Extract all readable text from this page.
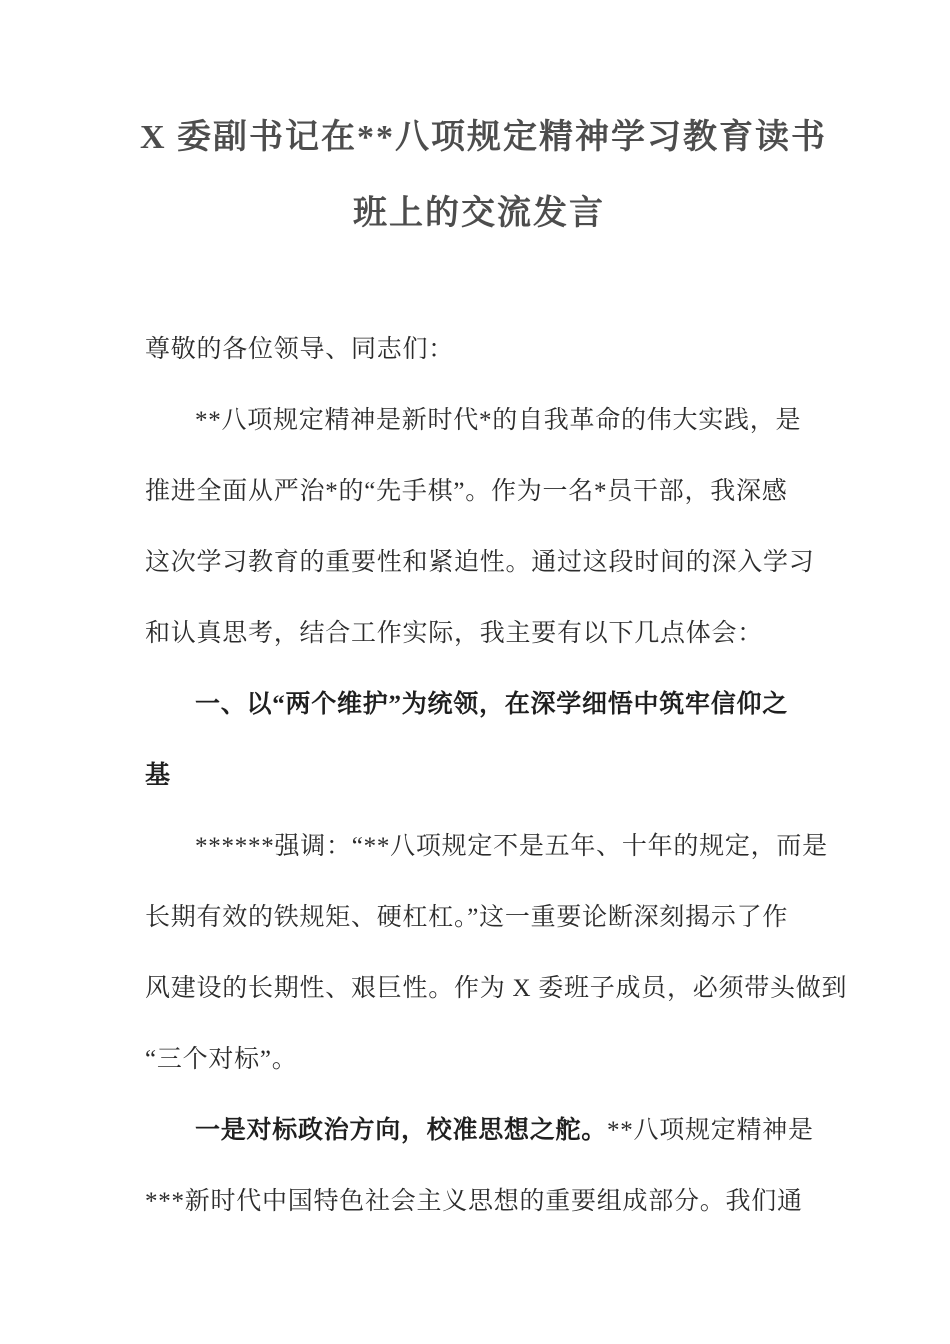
X 委副书记在**八项规定精神学习教育读书
班上的交流发言
尊敬的各位领导、同志们：
**八项规定精神是新时代*的自我革命的伟大实践，是
推进全面从严治*的“先手棋”。作为一名*员干部，我深感
这次学习教育的重要性和紧迫性。通过这段时间的深入学习
和认真思考，结合工作实际，我主要有以下几点体会：
一、以“两个维护”为统领，在深学细悟中筑牢信仰之
基
******强调：“**八项规定不是五年、十年的规定，而是
长期有效的铁规矩、硬杠杠。”这一重要论断深刻揭示了作
风建设的长期性、艰巨性。作为 X 委班子成员，必须带头做到
“三个对标”。
一是对标政治方向，校准思想之舵。**八项规定精神是
***新时代中国特色社会主义思想的重要组成部分。我们通
